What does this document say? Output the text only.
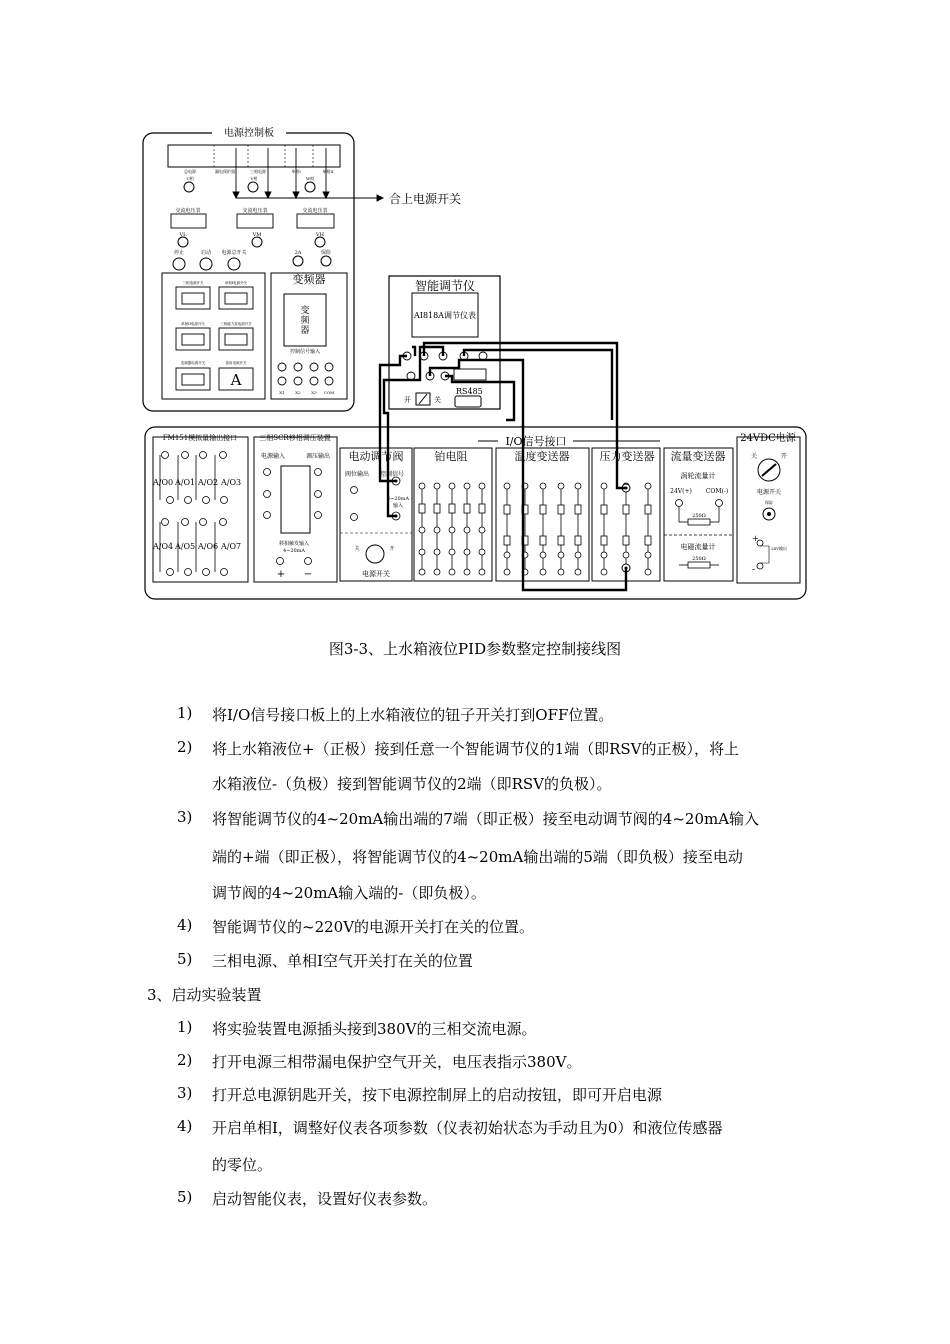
电源控制板
总电源	漏电保护器	三相电源	单相I	单相II
U相	V相	W相
合上电源开关
交流电压表	交流电压表	交流电压表
VL	VM	VH
停止	启动 电源总开关	2A	保险
三相电源开关	单相I电源开关
单相II电源开关	三相磁力泵电源开关
变频器电源开关	备用电源开关
A
变频器
变
频
器
控制信号输入
X1	X2	X3 COM
智能调节仪
AI818A调节仪表
RS485
开	关
I/O信号接口
FM151模拟量输出接口
A/O0 A/O1 A/O2 A/O3
A/O4 A/O5 A/O6 A/O7
三相SCR移相调压装置
电源输入	调压输出
移相触发输入
4~20mA
+ −
电动调节阀
阀位输出 控制信号
4~20mA
输入
关	开
电源开关
铂电阻	温度变送器	压力变送器 流量变送器
涡轮流量计
24V(+) COM(-)
250Ω
电磁流量计
250Ω
24VDC电源
关	开
电源开关
保险
+
24V输出
-
图3-3、上水箱液位PID参数整定控制接线图
1) 将I/O信号接口板上的上水箱液位的钮子开关打到OFF位置。
2) 将上水箱液位+（正极）接到任意一个智能调节仪的1端（即RSV的正极），将上
水箱液位-（负极）接到智能调节仪的2端（即RSV的负极）。
3) 将智能调节仪的4~20mA输出端的7端（即正极）接至电动调节阀的4~20mA输入
端的+端（即正极），将智能调节仪的4~20mA输出端的5端（即负极）接至电动
调节阀的4~20mA输入端的-（即负极）。
4) 智能调节仪的~220V的电源开关打在关的位置。
5) 三相电源、单相I空气开关打在关的位置
3、启动实验装置
1) 将实验装置电源插头接到380V的三相交流电源。
2) 打开电源三相带漏电保护空气开关，电压表指示380V。
3) 打开总电源钥匙开关，按下电源控制屏上的启动按钮，即可开启电源
4) 开启单相I，调整好仪表各项参数（仪表初始状态为手动且为0）和液位传感器
的零位。
5) 启动智能仪表，设置好仪表参数。
